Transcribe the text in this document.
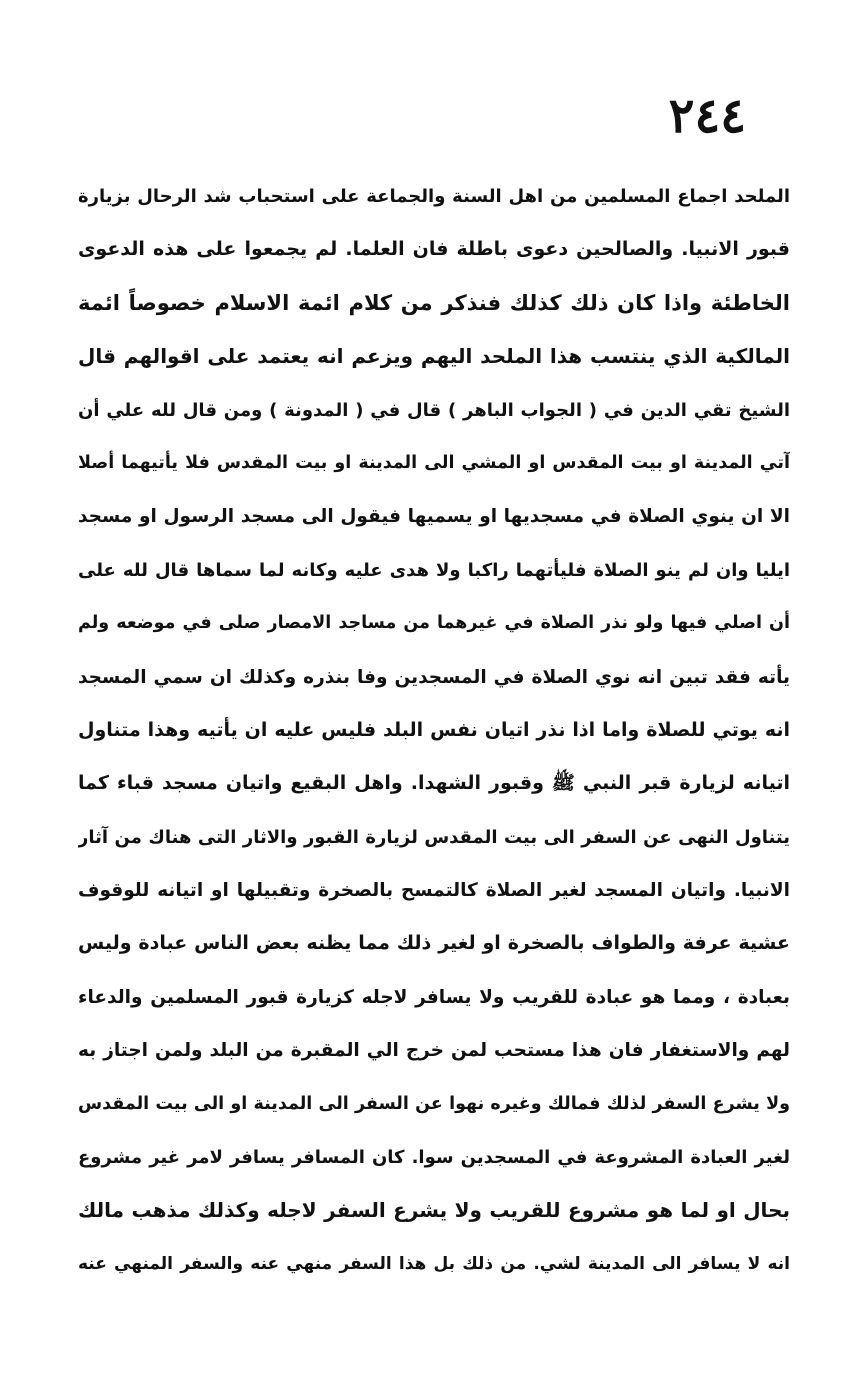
٢٤٤
الملحد اجماع المسلمين من اهل السنة والجماعة على استحباب شد الرحال بزيارة
قبور الانبيا. والصالحين دعوى باطلة فان العلما. لم يجمعوا على هذه الدعوى
الخاطئة واذا كان ذلك كذلك فنذكر من كلام ائمة الاسلام خصوصاً ائمة
المالكية الذي ينتسب هذا الملحد اليهم ويزعم انه يعتمد على اقوالهم قال
الشيخ تقي الدين في ( الجواب الباهر ) قال في ( المدونة ) ومن قال لله علي أن
آتي المدينة او بيت المقدس او المشي الى المدينة او بيت المقدس فلا يأتيهما أصلا
الا ان ينوي الصلاة في مسجديها او يسميها فيقول الى مسجد الرسول او مسجد
ايليا وان لم ينو الصلاة فليأتهما راكبا ولا هدى عليه وكانه لما سماها قال لله على
أن اصلي فيها ولو نذر الصلاة في غيرهما من مساجد الامصار صلى في موضعه ولم
يأته فقد تبين انه نوي الصلاة في المسجدين وفا بنذره وكذلك ان سمي المسجد
انه يوتي للصلاة واما اذا نذر اتيان نفس البلد فليس عليه ان يأتيه وهذا متناول
اتيانه لزيارة قبر النبي ﷺ وقبور الشهدا. واهل البقيع واتيان مسجد قباء كما
يتناول النهى عن السفر الى بيت المقدس لزيارة القبور والاثار التى هناك من آثار
الانبيا. واتيان المسجد لغير الصلاة كالتمسح بالصخرة وتقبيلها او اتيانه للوقوف
عشية عرفة والطواف بالصخرة او لغير ذلك مما يظنه بعض الناس عبادة وليس
بعبادة ، ومما هو عبادة للقريب ولا يسافر لاجله كزيارة قبور المسلمين والدعاء
لهم والاستغفار فان هذا مستحب لمن خرج الي المقبرة من البلد ولمن اجتاز به
ولا يشرع السفر لذلك فمالك وغيره نهوا عن السفر الى المدينة او الى بيت المقدس
لغير العبادة المشروعة في المسجدين سوا. كان المسافر يسافر لامر غير مشروع
بحال او لما هو مشروع للقريب ولا يشرع السفر لاجله وكذلك مذهب مالك
انه لا يسافر الى المدينة لشي. من ذلك بل هذا السفر منهي عنه والسفر المنهي عنه
